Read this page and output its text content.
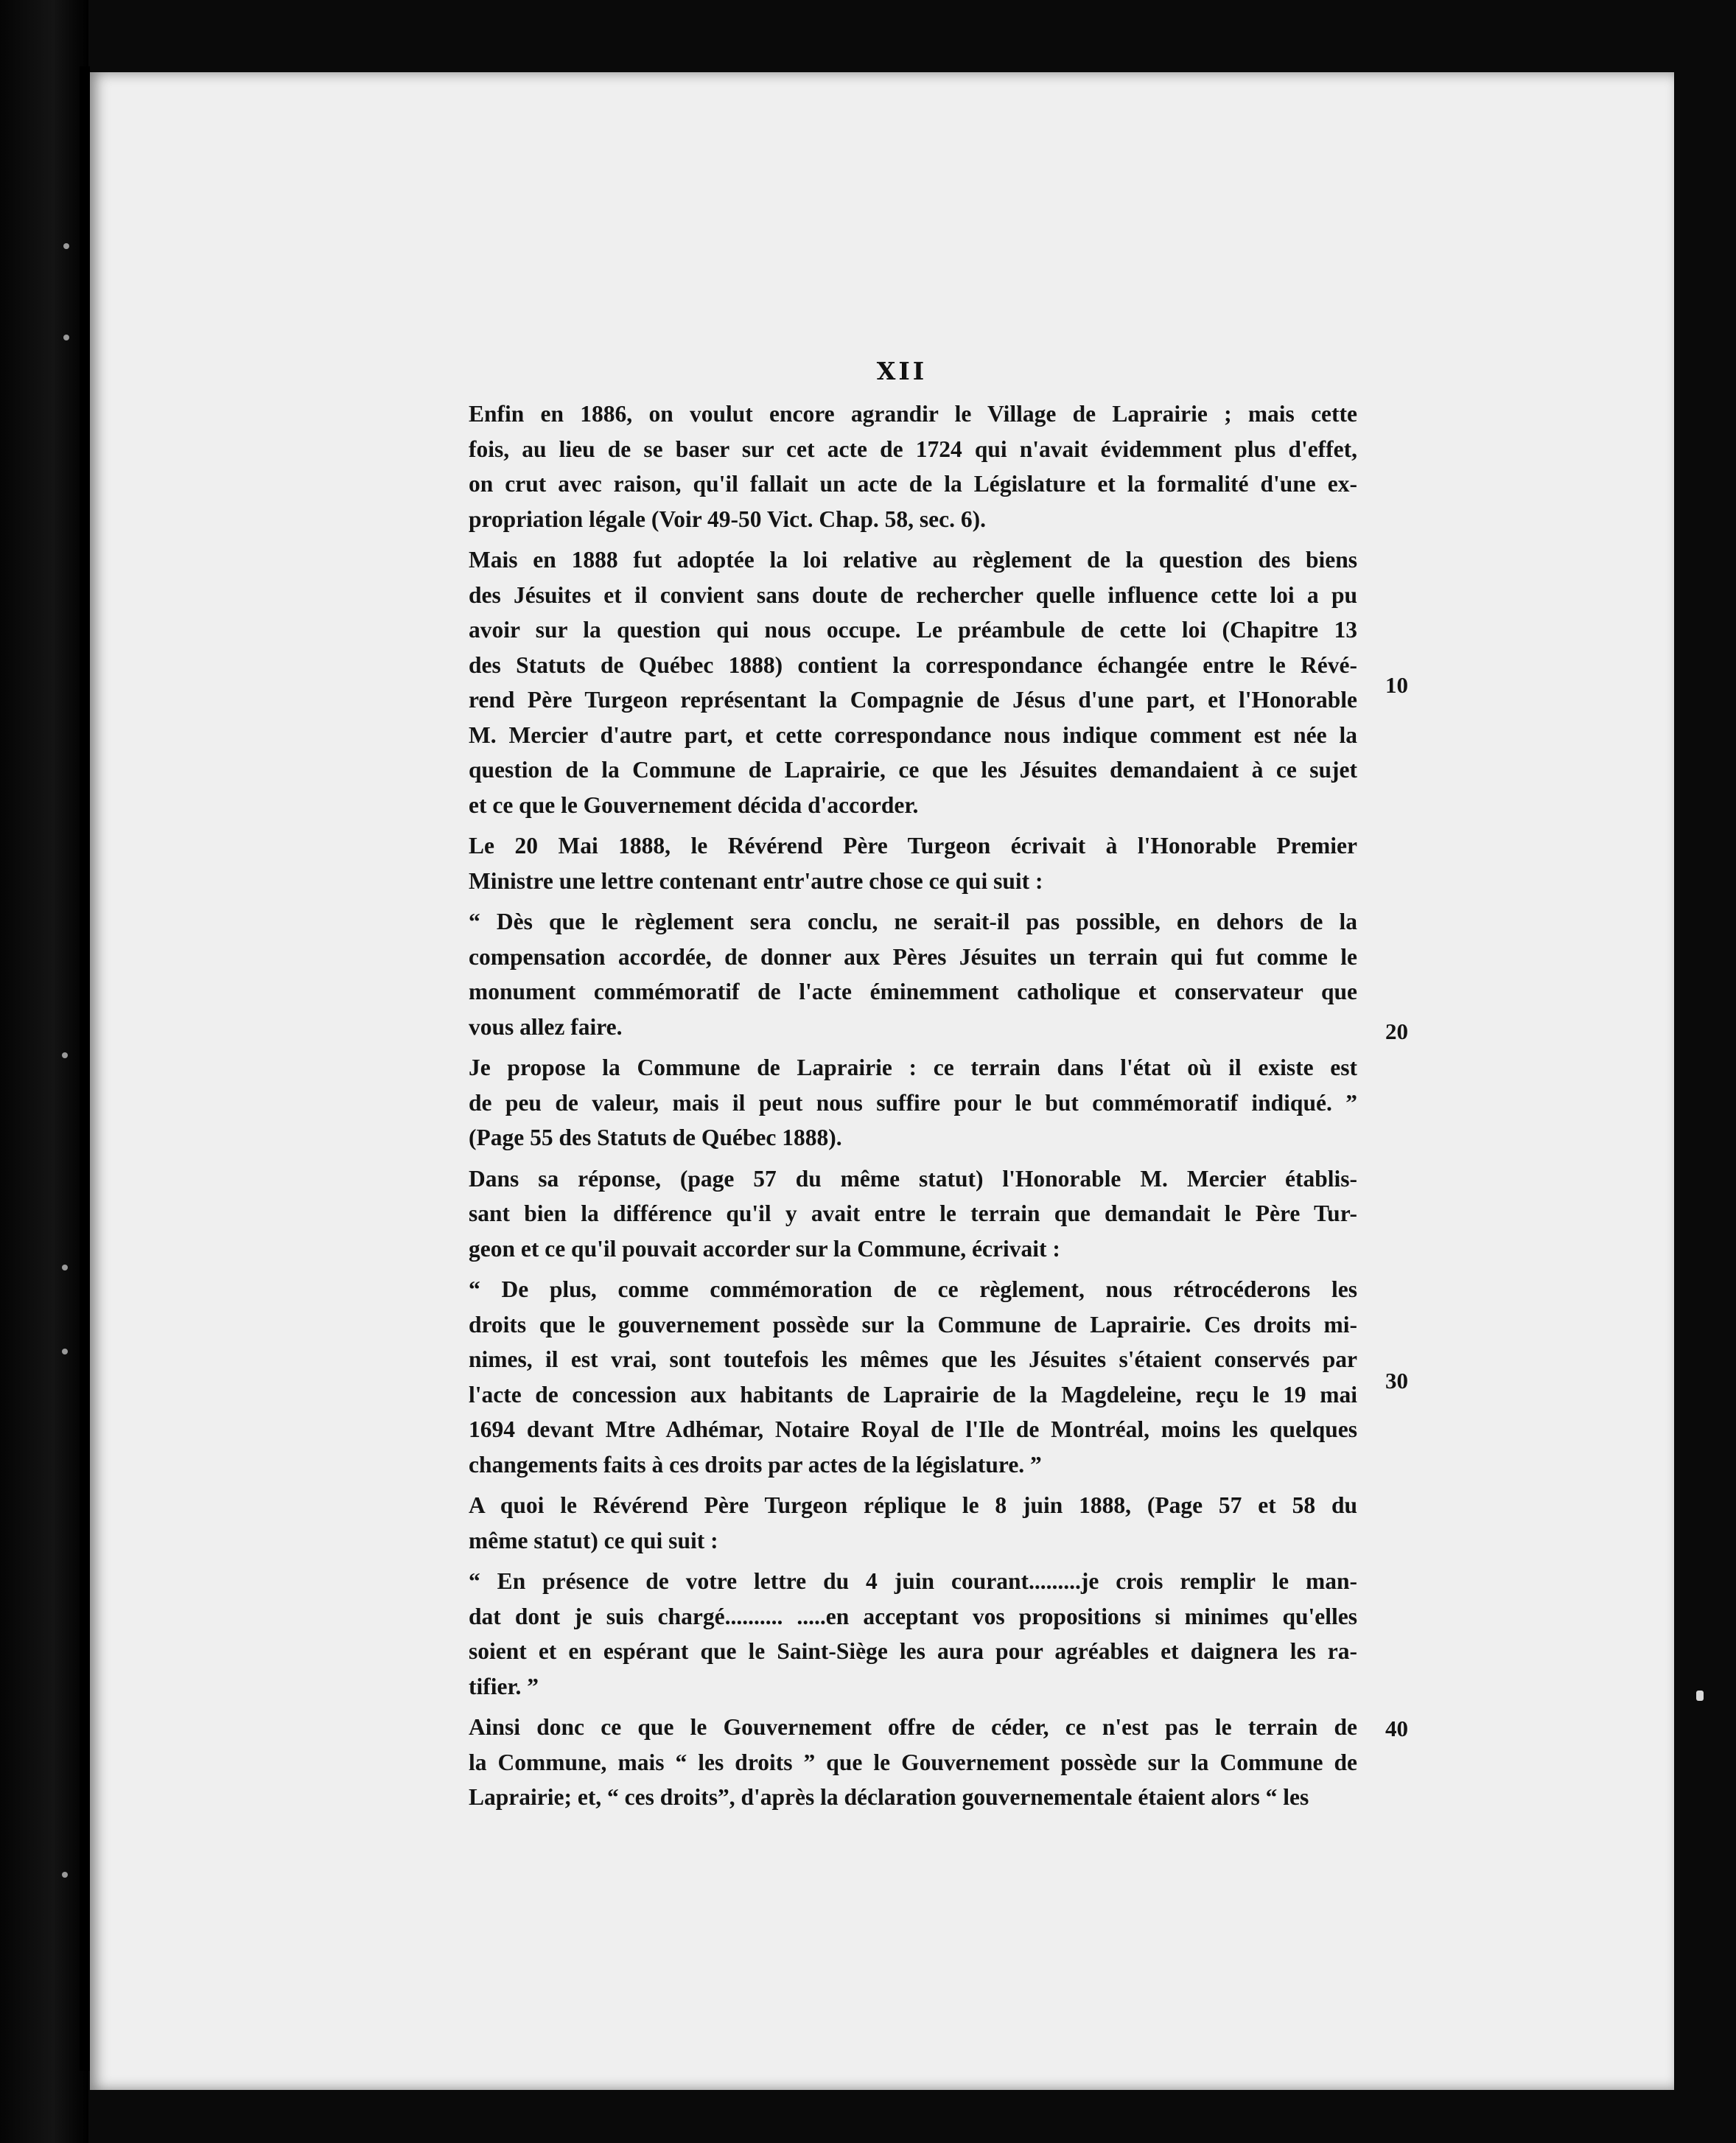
XII
Enfin en 1886, on voulut encore agrandir le Village de Laprairie ; mais cette
fois, au lieu de se baser sur cet acte de 1724 qui n'avait évidemment plus d'effet,
on crut avec raison, qu'il fallait un acte de la Législature et la formalité d'une ex-
propriation légale (Voir 49-50 Vict. Chap. 58, sec. 6).
Mais en 1888 fut adoptée la loi relative au règlement de la question des biens
des Jésuites et il convient sans doute de rechercher quelle influence cette loi a pu
avoir sur la question qui nous occupe. Le préambule de cette loi (Chapitre 13
des Statuts de Québec 1888) contient la correspondance échangée entre le Révé-
rend Père Turgeon représentant la Compagnie de Jésus d'une part, et l'Honorable
M. Mercier d'autre part, et cette correspondance nous indique comment est née la
question de la Commune de Laprairie, ce que les Jésuites demandaient à ce sujet
et ce que le Gouvernement décida d'accorder.
Le 20 Mai 1888, le Révérend Père Turgeon écrivait à l'Honorable Premier
Ministre une lettre contenant entr'autre chose ce qui suit :
“ Dès que le règlement sera conclu, ne serait-il pas possible, en dehors de la
compensation accordée, de donner aux Pères Jésuites un terrain qui fut comme le
monument commémoratif de l'acte éminemment catholique et conservateur que
vous allez faire.
Je propose la Commune de Laprairie : ce terrain dans l'état où il existe est
de peu de valeur, mais il peut nous suffire pour le but commémoratif indiqué. ”
(Page 55 des Statuts de Québec 1888).
Dans sa réponse, (page 57 du même statut) l'Honorable M. Mercier établis-
sant bien la différence qu'il y avait entre le terrain que demandait le Père Tur-
geon et ce qu'il pouvait accorder sur la Commune, écrivait :
“ De plus, comme commémoration de ce règlement, nous rétrocéderons les
droits que le gouvernement possède sur la Commune de Laprairie. Ces droits mi-
nimes, il est vrai, sont toutefois les mêmes que les Jésuites s'étaient conservés par
l'acte de concession aux habitants de Laprairie de la Magdeleine, reçu le 19 mai
1694 devant Mtre Adhémar, Notaire Royal de l'Ile de Montréal, moins les quelques
changements faits à ces droits par actes de la législature. ”
A quoi le Révérend Père Turgeon réplique le 8 juin 1888, (Page 57 et 58 du
même statut) ce qui suit :
“ En présence de votre lettre du 4 juin courant.........je crois remplir le man-
dat dont je suis chargé.......... .....en acceptant vos propositions si minimes qu'elles
soient et en espérant que le Saint-Siège les aura pour agréables et daignera les ra-
tifier. ”
Ainsi donc ce que le Gouvernement offre de céder, ce n'est pas le terrain de
la Commune, mais “ les droits ” que le Gouvernement possède sur la Commune de
Laprairie; et, “ ces droits”, d'après la déclaration gouvernementale étaient alors “ les
10
20
30
40
